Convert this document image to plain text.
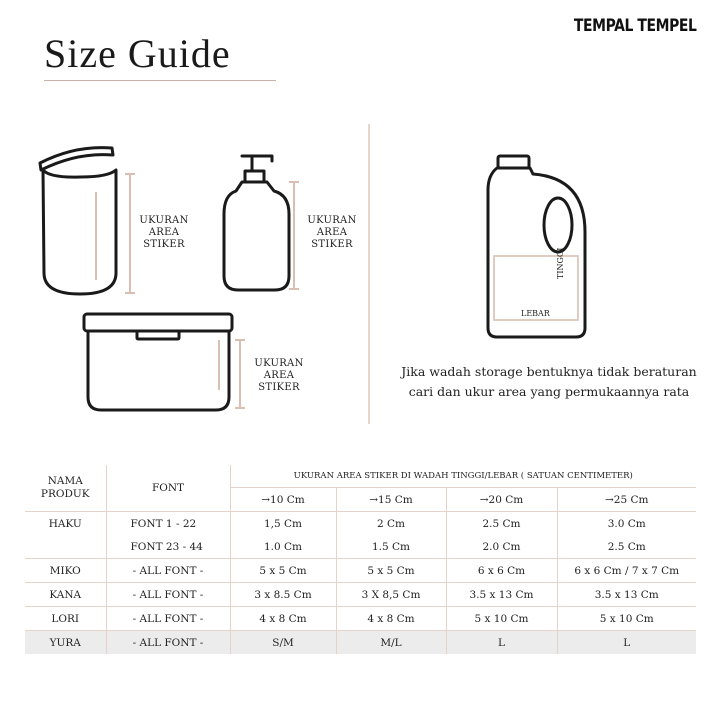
TEMPAL TEMPEL
Size Guide
UKURAN
AREA
STIKER
UKURAN
AREA
STIKER
UKURAN
AREA
STIKER
LEBAR
TINGGI
Jika wadah storage bentuknya tidak beraturan
cari dan ukur area yang permukaannya rata
NAMA
PRODUK	FONT	UKURAN AREA STIKER DI WADAH TINGGI/LEBAR ( SATUAN CENTIMETER)			
		→10 Cm	→15 Cm	→20 Cm	→25 Cm
HAKU	FONT 1 - 22	1,5 Cm	2 Cm	2.5 Cm	3.0 Cm
	FONT 23 - 44	1.0 Cm	1.5 Cm	2.0 Cm	2.5 Cm
MIKO	- ALL FONT -	5 x 5 Cm	5 x 5 Cm	6 x 6 Cm	6 x 6 Cm / 7 x 7 Cm
KANA	- ALL FONT -	3 x 8.5 Cm	3 X 8,5 Cm	3.5 x 13 Cm	3.5 x 13 Cm
LORI	- ALL FONT -	4 x 8 Cm	4 x 8 Cm	5 x 10 Cm	5 x 10 Cm
YURA	- ALL FONT -	S/M	M/L	L	L
